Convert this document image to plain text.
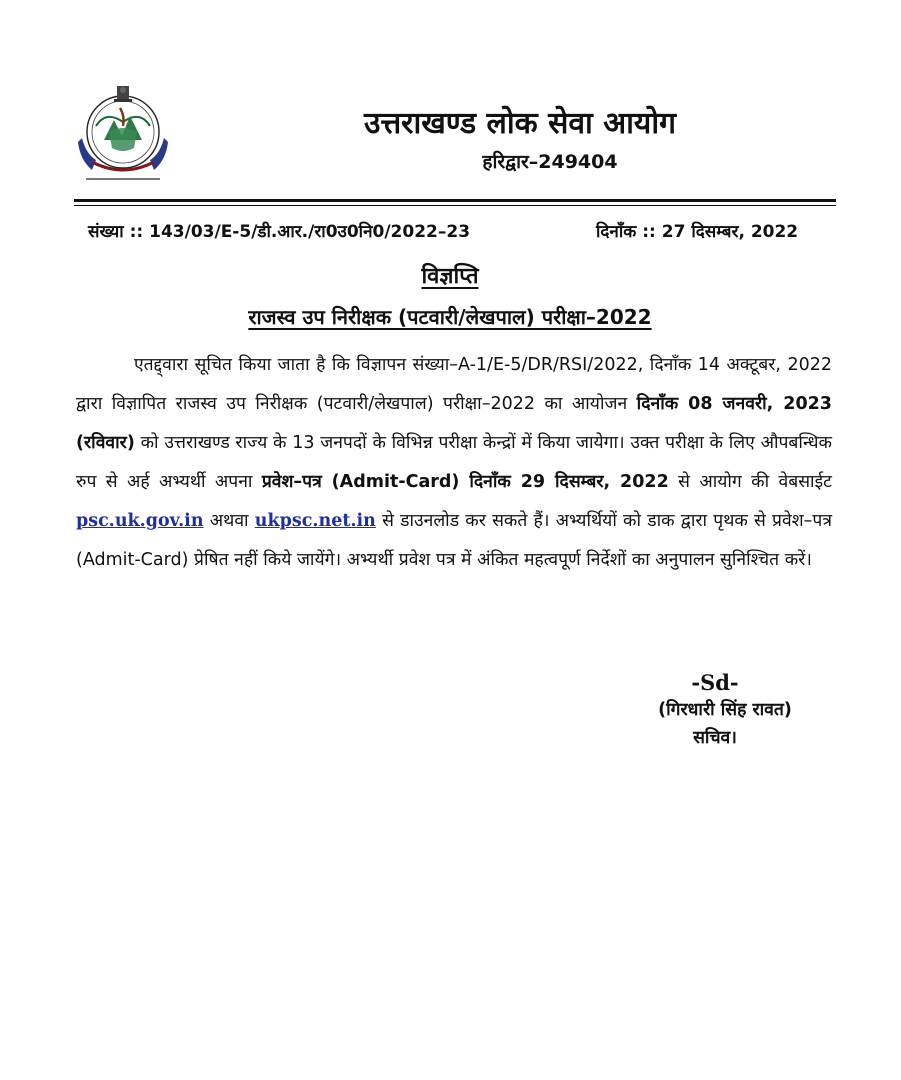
उत्तराखण्ड लोक सेवा आयोग
हरिद्वार–249404
संख्या :: 143/03/E-5/डी.आर./रा0उ0नि0/2022–23	दिनाँक :: 27 दिसम्बर, 2022
विज्ञप्ति
राजस्व उप निरीक्षक (पटवारी/लेखपाल) परीक्षा–2022

एतद्द्वारा सूचित किया जाता है कि विज्ञापन संख्या–A-1/E-5/DR/RSI/2022, दिनाँक 14 अक्टूबर, 2022 द्वारा विज्ञापित राजस्व उप निरीक्षक (पटवारी/लेखपाल) परीक्षा–2022 का आयोजन दिनाँक 08 जनवरी, 2023 (रविवार) को उत्तराखण्ड राज्य के 13 जनपदों के विभिन्न परीक्षा केन्द्रों में किया जायेगा। उक्त परीक्षा के लिए औपबन्धिक रुप से अर्ह अभ्यर्थी अपना प्रवेश–पत्र (Admit-Card) दिनाँक 29 दिसम्बर, 2022 से आयोग की वेबसाईट psc.uk.gov.in अथवा ukpsc.net.in से डाउनलोड कर सकते हैं। अभ्यर्थियों को डाक द्वारा पृथक से प्रवेश–पत्र (Admit-Card) प्रेषित नहीं किये जायेंगे। अभ्यर्थी प्रवेश पत्र में अंकित महत्वपूर्ण निर्देशों का अनुपालन सुनिश्चित करें।

-Sd-
(गिरधारी सिंह रावत)
सचिव।
